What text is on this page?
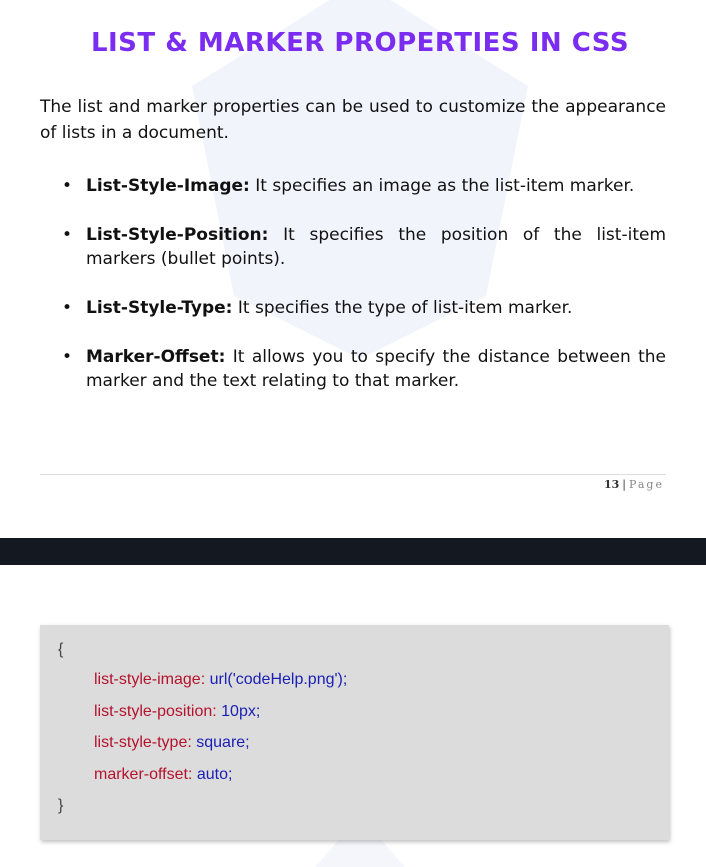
LIST & MARKER PROPERTIES IN CSS
The list and marker properties can be used to customize the appearance of lists in a document.
• List-Style-Image: It specifies an image as the list-item marker.
• List-Style-Position: It specifies the position of the list-item markers (bullet points).
• List-Style-Type: It specifies the type of list-item marker.
• Marker-Offset: It allows you to specify the distance between the marker and the text relating to that marker.
13 | Page
{
list-style-image: url('codeHelp.png');
list-style-position: 10px;
list-style-type: square;
marker-offset: auto;
}
